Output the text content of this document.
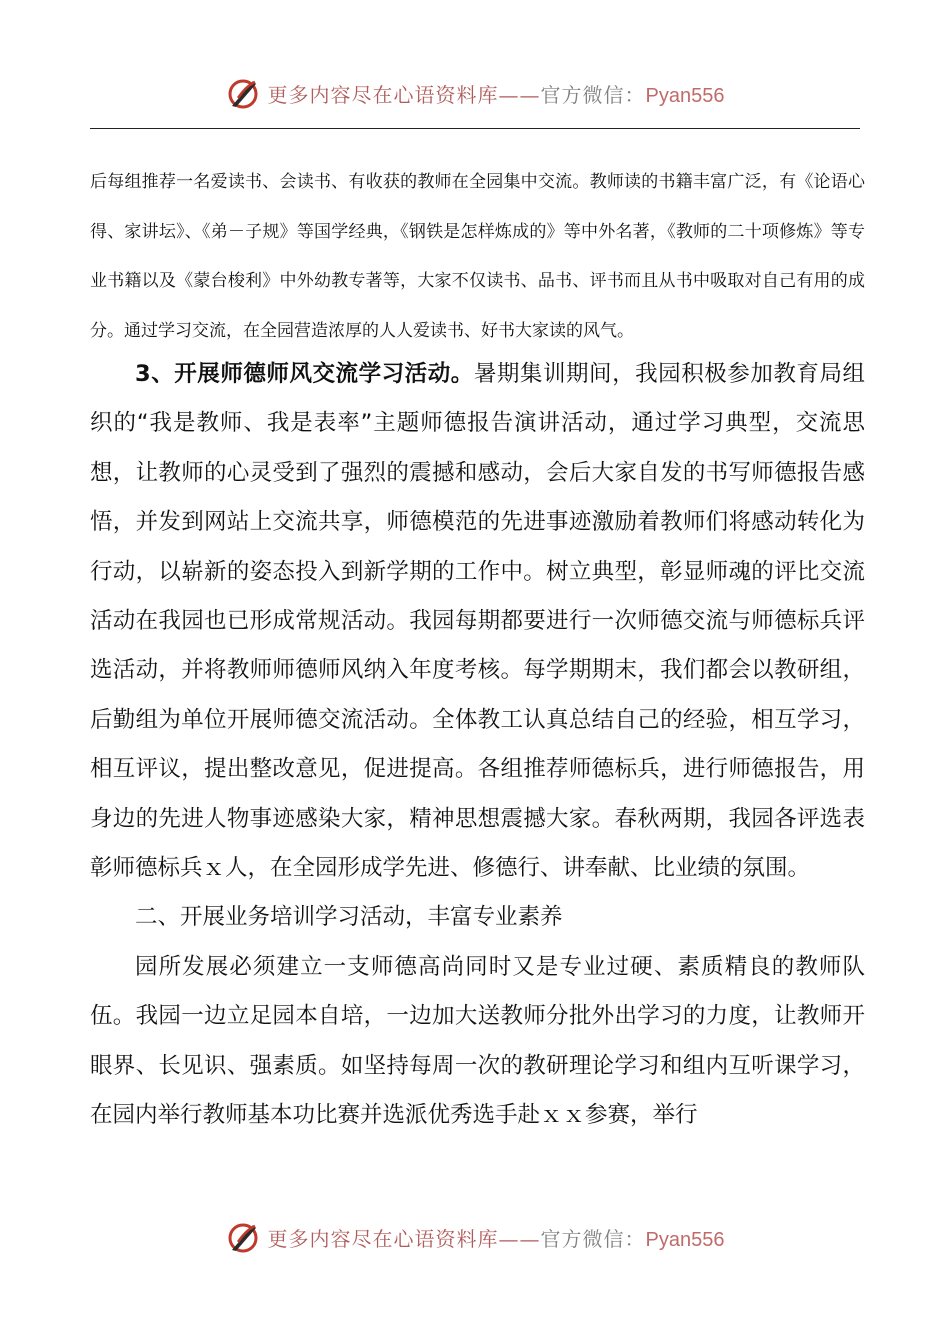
更多内容尽在心语资料库——官方微信：Pyan556

后每组推荐一名爱读书、会读书、有收获的教师在全园集中交流。教师读的书籍丰富广泛，有《论语心得、家讲坛》、《弟－子规》等国学经典，《钢铁是怎样炼成的》等中外名著，《教师的二十项修炼》等专业书籍以及《蒙台梭利》中外幼教专著等，大家不仅读书、品书、评书而且从书中吸取对自己有用的成分。通过学习交流，在全园营造浓厚的人人爱读书、好书大家读的风气。

3、开展师德师风交流学习活动。暑期集训期间，我园积极参加教育局组织的“我是教师、我是表率”主题师德报告演讲活动，通过学习典型，交流思想，让教师的心灵受到了强烈的震撼和感动，会后大家自发的书写师德报告感悟，并发到网站上交流共享，师德模范的先进事迹激励着教师们将感动转化为行动，以崭新的姿态投入到新学期的工作中。树立典型，彰显师魂的评比交流活动在我园也已形成常规活动。我园每期都要进行一次师德交流与师德标兵评选活动，并将教师师德师风纳入年度考核。每学期期末，我们都会以教研组，后勤组为单位开展师德交流活动。全体教工认真总结自己的经验，相互学习，相互评议，提出整改意见，促进提高。各组推荐师德标兵，进行师德报告，用身边的先进人物事迹感染大家，精神思想震撼大家。春秋两期，我园各评选表彰师德标兵ｘ人，在全园形成学先进、修德行、讲奉献、比业绩的氛围。

二、开展业务培训学习活动，丰富专业素养

园所发展必须建立一支师德高尚同时又是专业过硬、素质精良的教师队伍。我园一边立足园本自培，一边加大送教师分批外出学习的力度，让教师开眼界、长见识、强素质。如坚持每周一次的教研理论学习和组内互听课学习，在园内举行教师基本功比赛并选派优秀选手赴ｘｘ参赛，举行

更多内容尽在心语资料库——官方微信：Pyan556
